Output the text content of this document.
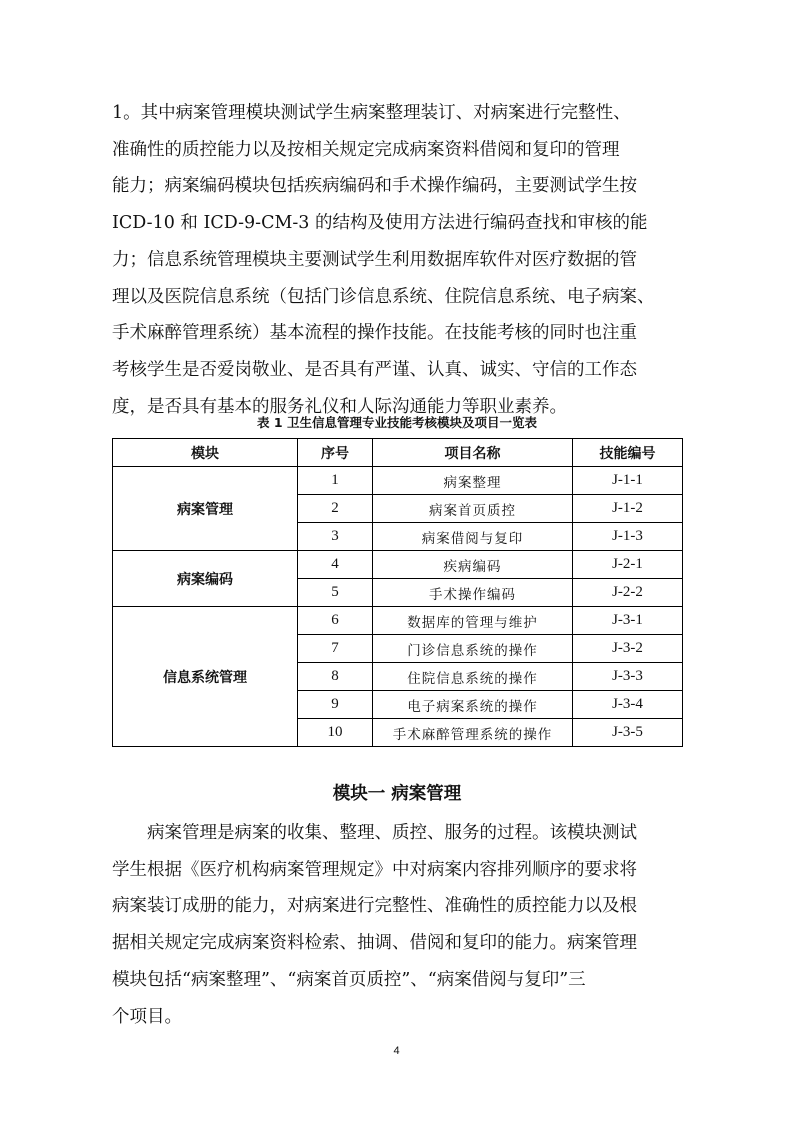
1。其中病案管理模块测试学生病案整理装订、对病案进行完整性、
准确性的质控能力以及按相关规定完成病案资料借阅和复印的管理
能力；病案编码模块包括疾病编码和手术操作编码，主要测试学生按
ICD-10 和 ICD-9-CM-3 的结构及使用方法进行编码查找和审核的能
力；信息系统管理模块主要测试学生利用数据库软件对医疗数据的管
理以及医院信息系统（包括门诊信息系统、住院信息系统、电子病案、
手术麻醉管理系统）基本流程的操作技能。在技能考核的同时也注重
考核学生是否爱岗敬业、是否具有严谨、认真、诚实、守信的工作态
度，是否具有基本的服务礼仪和人际沟通能力等职业素养。
表 1 卫生信息管理专业技能考核模块及项目一览表
模块	序号	项目名称	技能编号
病案管理	1	病案整理	J-1-1
	2	病案首页质控	J-1-2
	3	病案借阅与复印	J-1-3
病案编码	4	疾病编码	J-2-1
	5	手术操作编码	J-2-2
信息系统管理	6	数据库的管理与维护	J-3-1
	7	门诊信息系统的操作	J-3-2
	8	住院信息系统的操作	J-3-3
	9	电子病案系统的操作	J-3-4
	10	手术麻醉管理系统的操作	J-3-5
模块一 病案管理
　　病案管理是病案的收集、整理、质控、服务的过程。该模块测试
学生根据《医疗机构病案管理规定》中对病案内容排列顺序的要求将
病案装订成册的能力，对病案进行完整性、准确性的质控能力以及根
据相关规定完成病案资料检索、抽调、借阅和复印的能力。病案管理
模块包括“病案整理”、“病案首页质控”、“病案借阅与复印”三
个项目。
4
